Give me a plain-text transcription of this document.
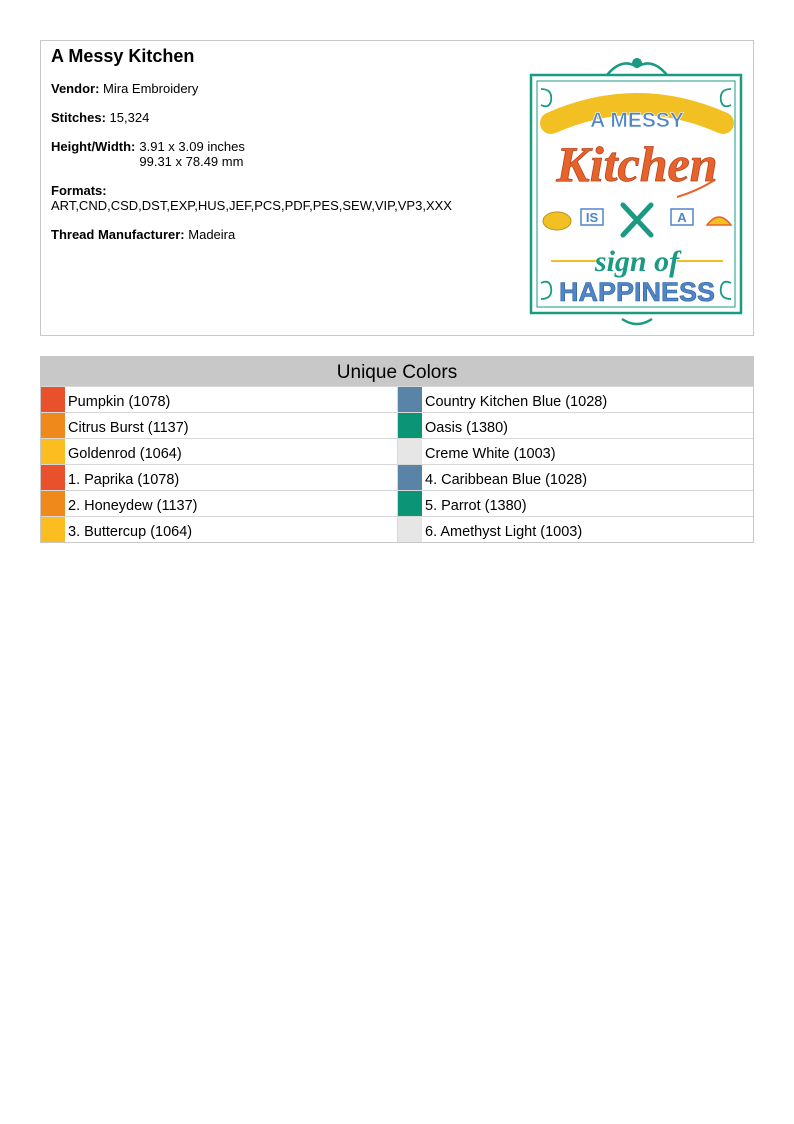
A Messy Kitchen
Vendor: Mira Embroidery
Stitches: 15,324
Height/Width: 3.91 x 3.09 inches
99.31 x 78.49 mm
Formats:
ART,CND,CSD,DST,EXP,HUS,JEF,PCS,PDF,PES,SEW,VIP,VP3,XXX
Thread Manufacturer: Madeira
A MESSY
Kitchen
IS	A
sign of
HAPPINESS
Unique Colors
Pumpkin (1078)	Country Kitchen Blue (1028)
Citrus Burst (1137)	Oasis (1380)
Goldenrod (1064)	Creme White (1003)
1. Paprika (1078)	4. Caribbean Blue (1028)
2. Honeydew (1137)	5. Parrot (1380)
3. Buttercup (1064)	6. Amethyst Light (1003)
